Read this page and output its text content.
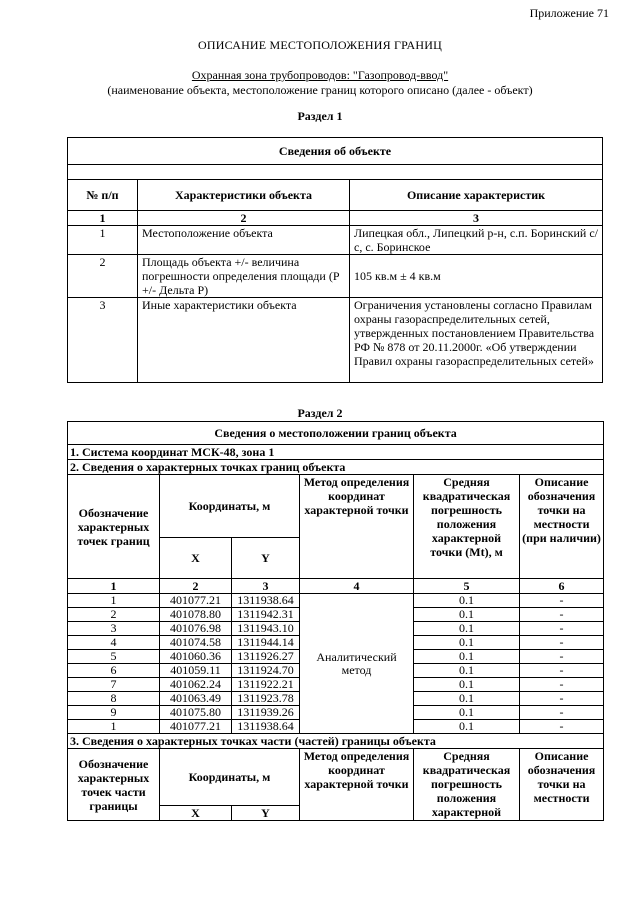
Приложение 71
ОПИСАНИЕ МЕСТОПОЛОЖЕНИЯ ГРАНИЦ
Охранная зона трубопроводов: "Газопровод-ввод"
(наименование объекта, местоположение границ которого описано (далее - объект)
Раздел 1
Сведения об объекте		

№ п/п	Характеристики объекта	Описание характеристик
1	2	3
1	Местоположение объекта	Липецкая обл., Липецкий р-н, с.п. Боринский с/с, с. Боринское
2	Площадь объекта +/- величина погрешности определения площади (Р +/- Дельта Р)	105 кв.м ± 4 кв.м
3	Иные характеристики объекта	Ограничения установлены согласно Правилам охраны газораспределительных сетей, утвержденных постановлением Правительства РФ № 878 от 20.11.2000г. «Об утверждении Правил охраны газораспределительных сетей»
Раздел 2
Сведения о местоположении границ объекта					
1. Система координат МСК-48, зона 1					
2. Сведения о характерных точках границ объекта					
Обозначение характерных точек границ	Координаты, м		Метод определения координат характерной точки	Средняя квадратическая погрешность положения характерной точки (Mt), м	Описание обозначения точки на местности (при наличии)
	X	Y			
1	2	3	4	5	6
1	401077.21	1311938.64	Аналитический метод	0.1	-
2	401078.80	1311942.31		0.1	-
3	401076.98	1311943.10		0.1	-
4	401074.58	1311944.14		0.1	-
5	401060.36	1311926.27		0.1	-
6	401059.11	1311924.70		0.1	-
7	401062.24	1311922.21		0.1	-
8	401063.49	1311923.78		0.1	-
9	401075.80	1311939.26		0.1	-
1	401077.21	1311938.64		0.1	-
3. Сведения о характерных точках части (частей) границы объекта					
Обозначение характерных точек части границы	Координаты, м		Метод определения координат характерной точки	Средняя квадратическая погрешность положения характерной	Описание обозначения точки на местности
	X	Y			
